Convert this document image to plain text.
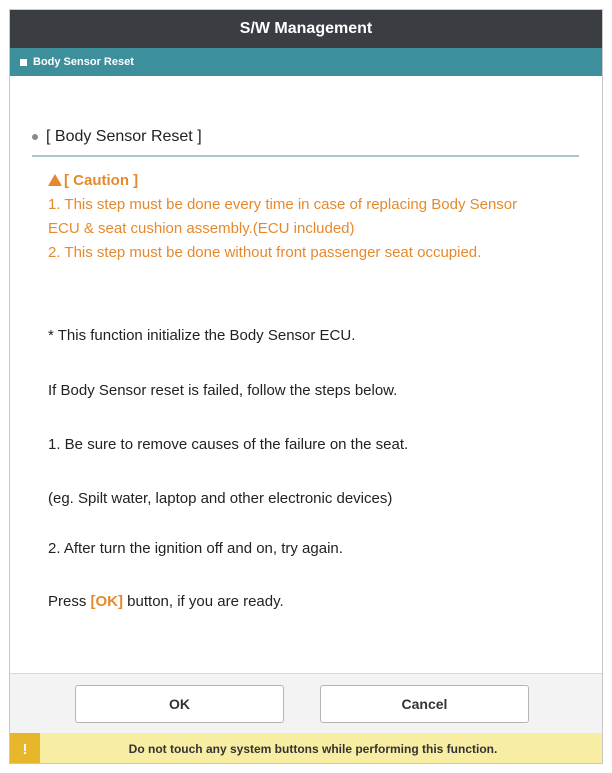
S/W Management
Body Sensor Reset
[ Body Sensor Reset ]
[ Caution ]
1. This step must be done every time in case of replacing Body Sensor
ECU & seat cushion assembly.(ECU included)
2. This step must be done without front passenger seat occupied.
* This function initialize the Body Sensor ECU.
If Body Sensor reset is failed, follow the steps below.
1. Be sure to remove causes of the failure on the seat.
(eg. Spilt water, laptop and other electronic devices)
2. After turn the ignition off and on, try again.
Press [OK] button, if you are ready.
OK	Cancel
!	Do not touch any system buttons while performing this function.
